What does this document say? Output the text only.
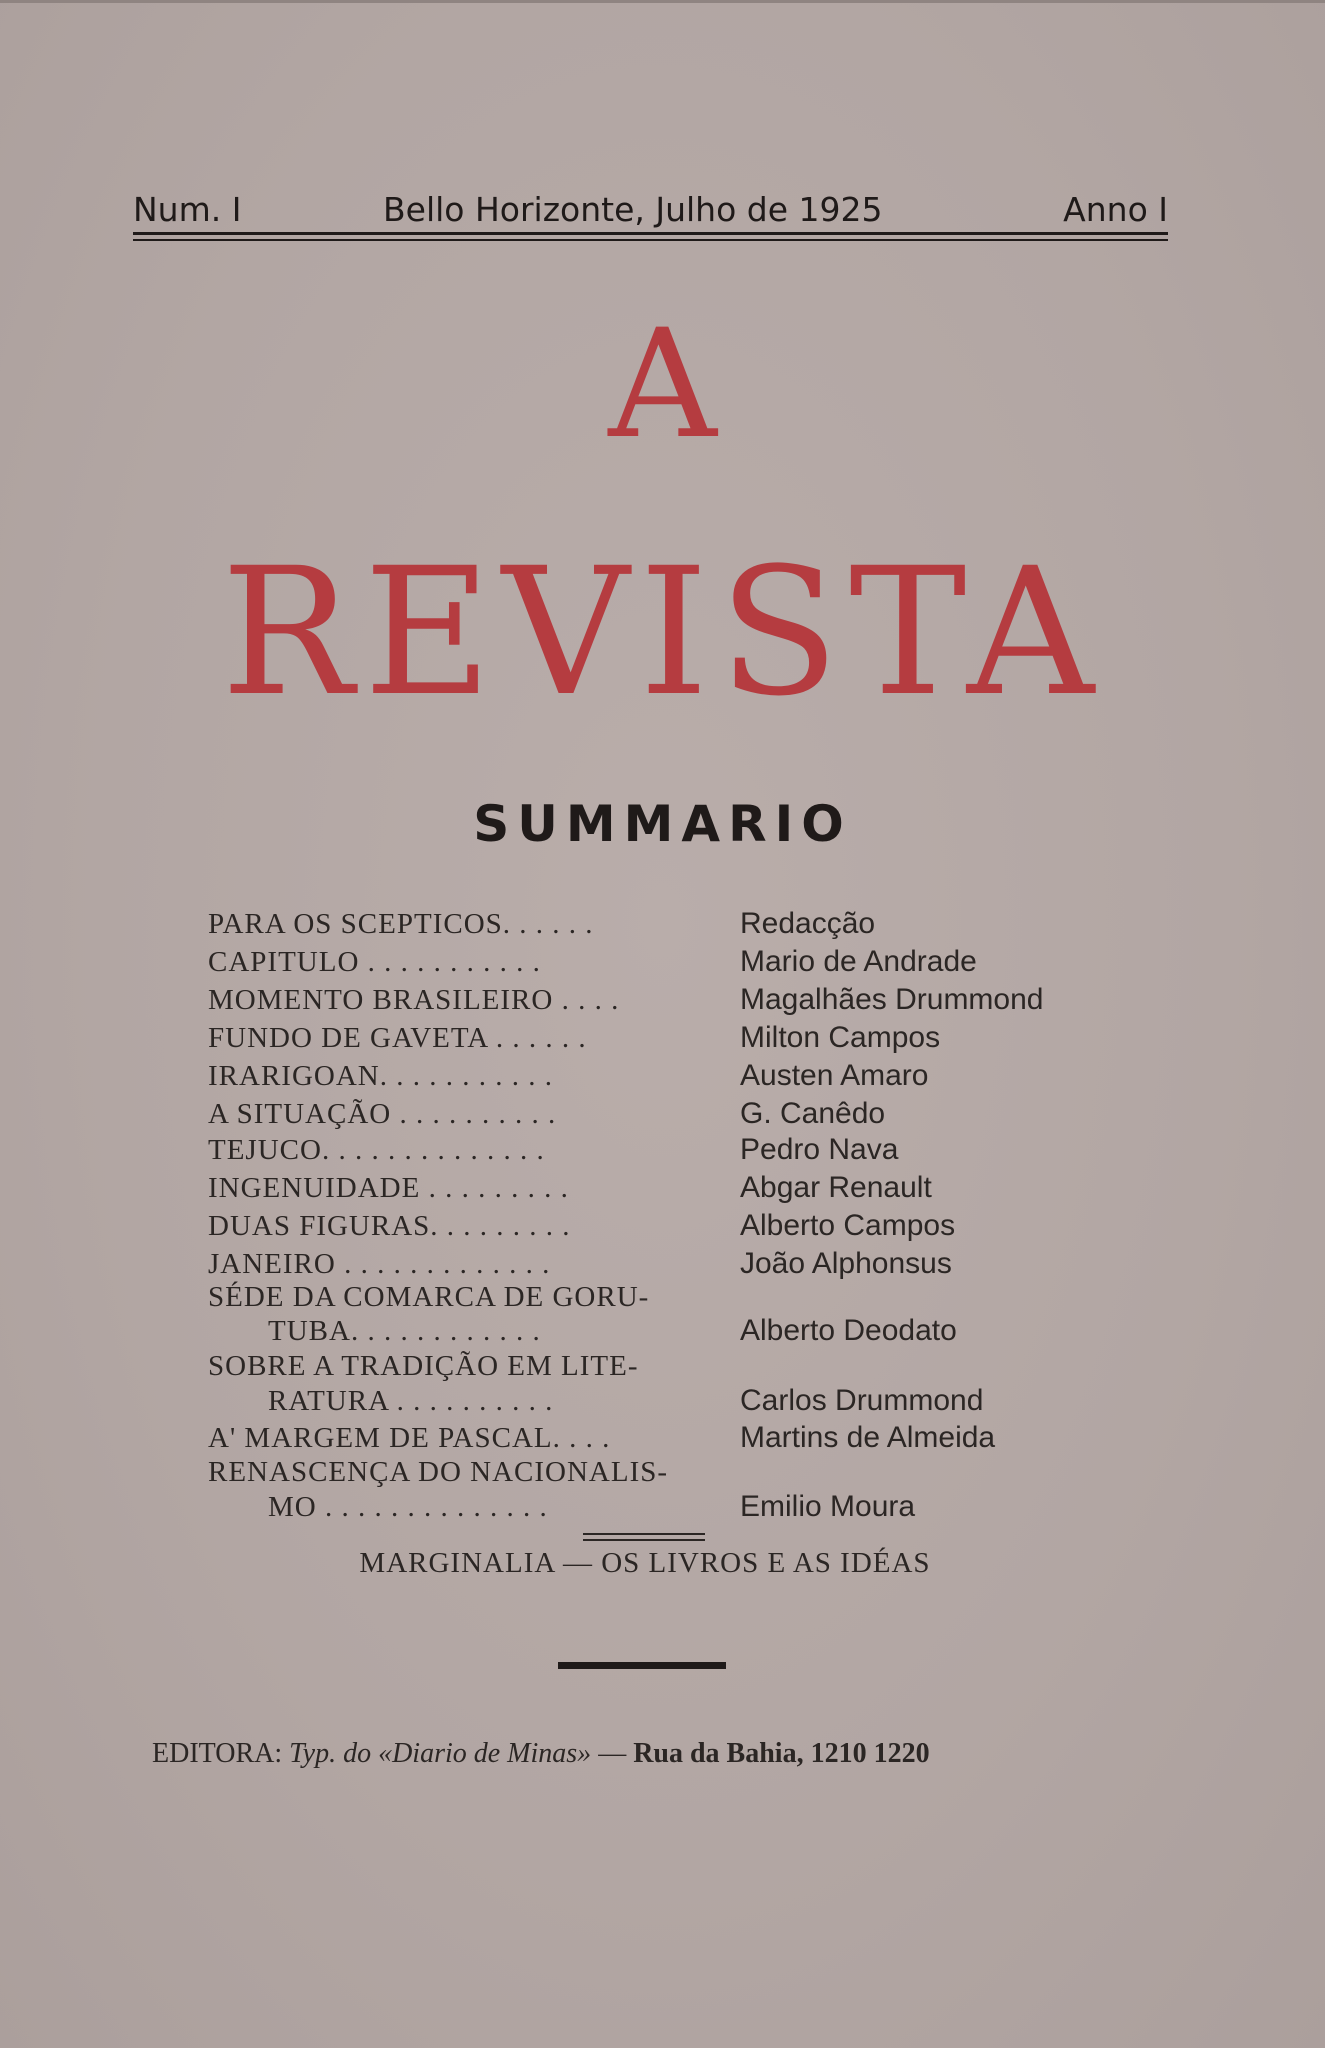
Num. I	Bello Horizonte, Julho de 1925	Anno I
A
REVISTA
SUMMARIO
PARA OS SCEPTICOS. . . . . .	Redacção
CAPITULO . . . . . . . . . . .	Mario de Andrade
MOMENTO BRASILEIRO . . . .	Magalhães Drummond
FUNDO DE GAVETA . . . . . .	Milton Campos
IRARIGOAN. . . . . . . . . . .	Austen Amaro
A SITUAÇÃO . . . . . . . . . .	G. Canêdo
TEJUCO. . . . . . . . . . . . . .	Pedro Nava
INGENUIDADE . . . . . . . . .	Abgar Renault
DUAS FIGURAS. . . . . . . . .	Alberto Campos
JANEIRO . . . . . . . . . . . . .	João Alphonsus
SÉDE DA COMARCA DE GORU-
TUBA. . . . . . . . . . . .	Alberto Deodato
SOBRE A TRADIÇÃO EM LITE-
RATURA . . . . . . . . . .	Carlos Drummond
A' MARGEM DE PASCAL. . . .	Martins de Almeida
RENASCENÇA DO NACIONALIS-
MO . . . . . . . . . . . . . .	Emilio Moura
MARGINALIA — OS LIVROS E AS IDÉAS
EDITORA: Typ. do «Diario de Minas» — Rua da Bahia, 1210 1220
